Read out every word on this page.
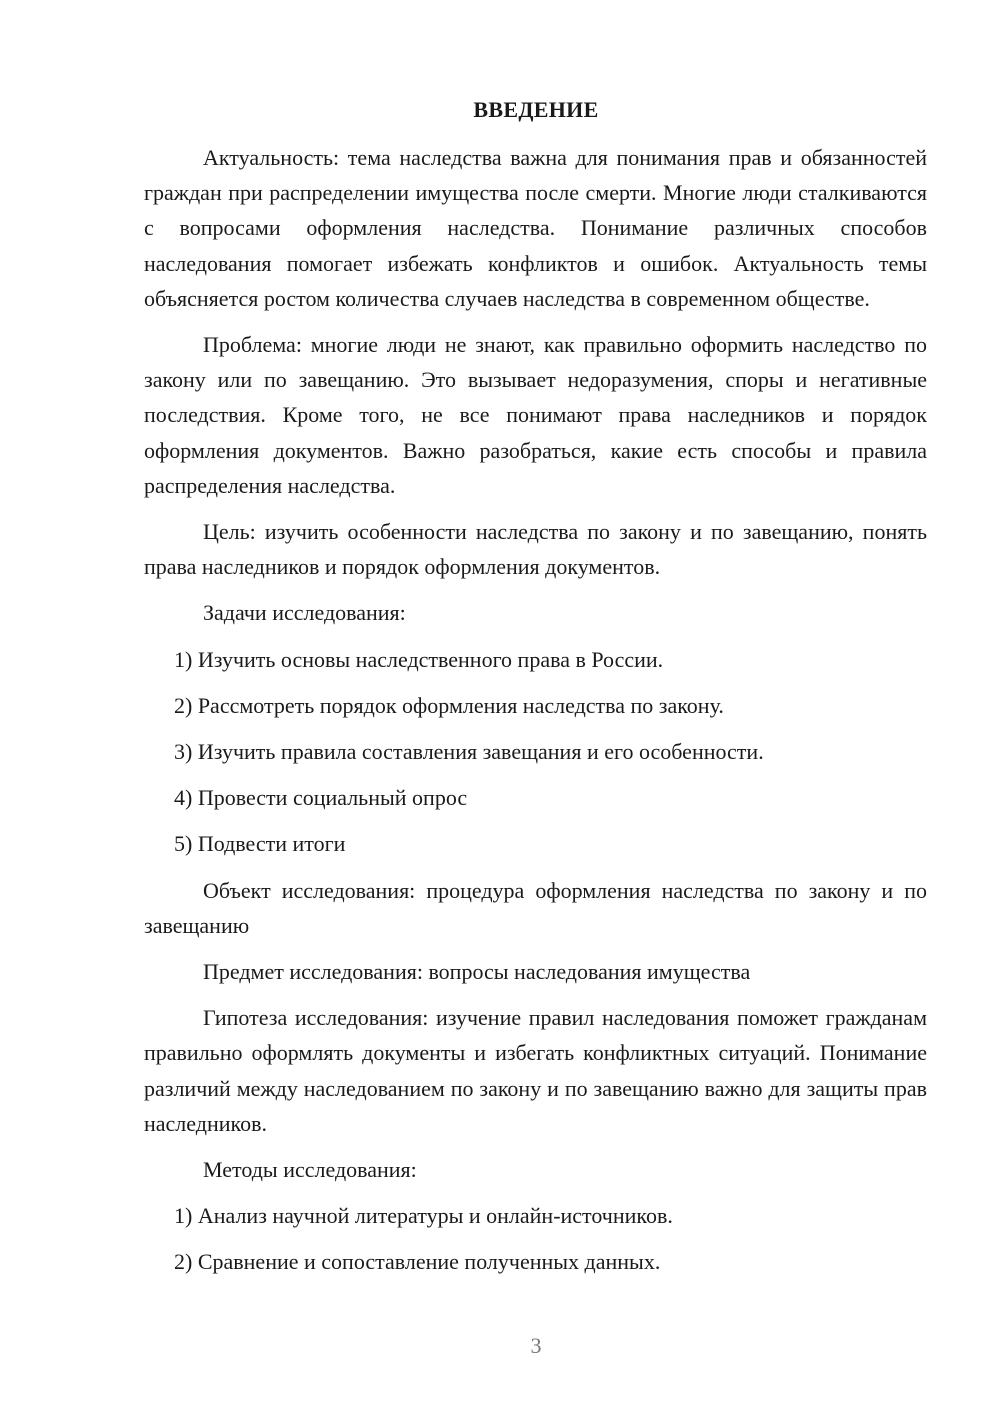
ВВЕДЕНИЕ

Актуальность: тема наследства важна для понимания прав и обязанностей граждан при распределении имущества после смерти. Многие люди сталкиваются с вопросами оформления наследства. Понимание различных способов наследования помогает избежать конфликтов и ошибок. Актуальность темы объясняется ростом количества случаев наследства в современном обществе.

Проблема: многие люди не знают, как правильно оформить наследство по закону или по завещанию. Это вызывает недоразумения, споры и негативные последствия. Кроме того, не все понимают права наследников и порядок оформления документов. Важно разобраться, какие есть способы и правила распределения наследства.

Цель: изучить особенности наследства по закону и по завещанию, понять права наследников и порядок оформления документов.

Задачи исследования:

1) Изучить основы наследственного права в России.
2) Рассмотреть порядок оформления наследства по закону.
3) Изучить правила составления завещания и его особенности.
4) Провести социальный опрос
5) Подвести итоги

Объект исследования: процедура оформления наследства по закону и по завещанию

Предмет исследования: вопросы наследования имущества

Гипотеза исследования: изучение правил наследования поможет гражданам правильно оформлять документы и избегать конфликтных ситуаций. Понимание различий между наследованием по закону и по завещанию важно для защиты прав наследников.

Методы исследования:

1) Анализ научной литературы и онлайн-источников.
2) Сравнение и сопоставление полученных данных.
3
